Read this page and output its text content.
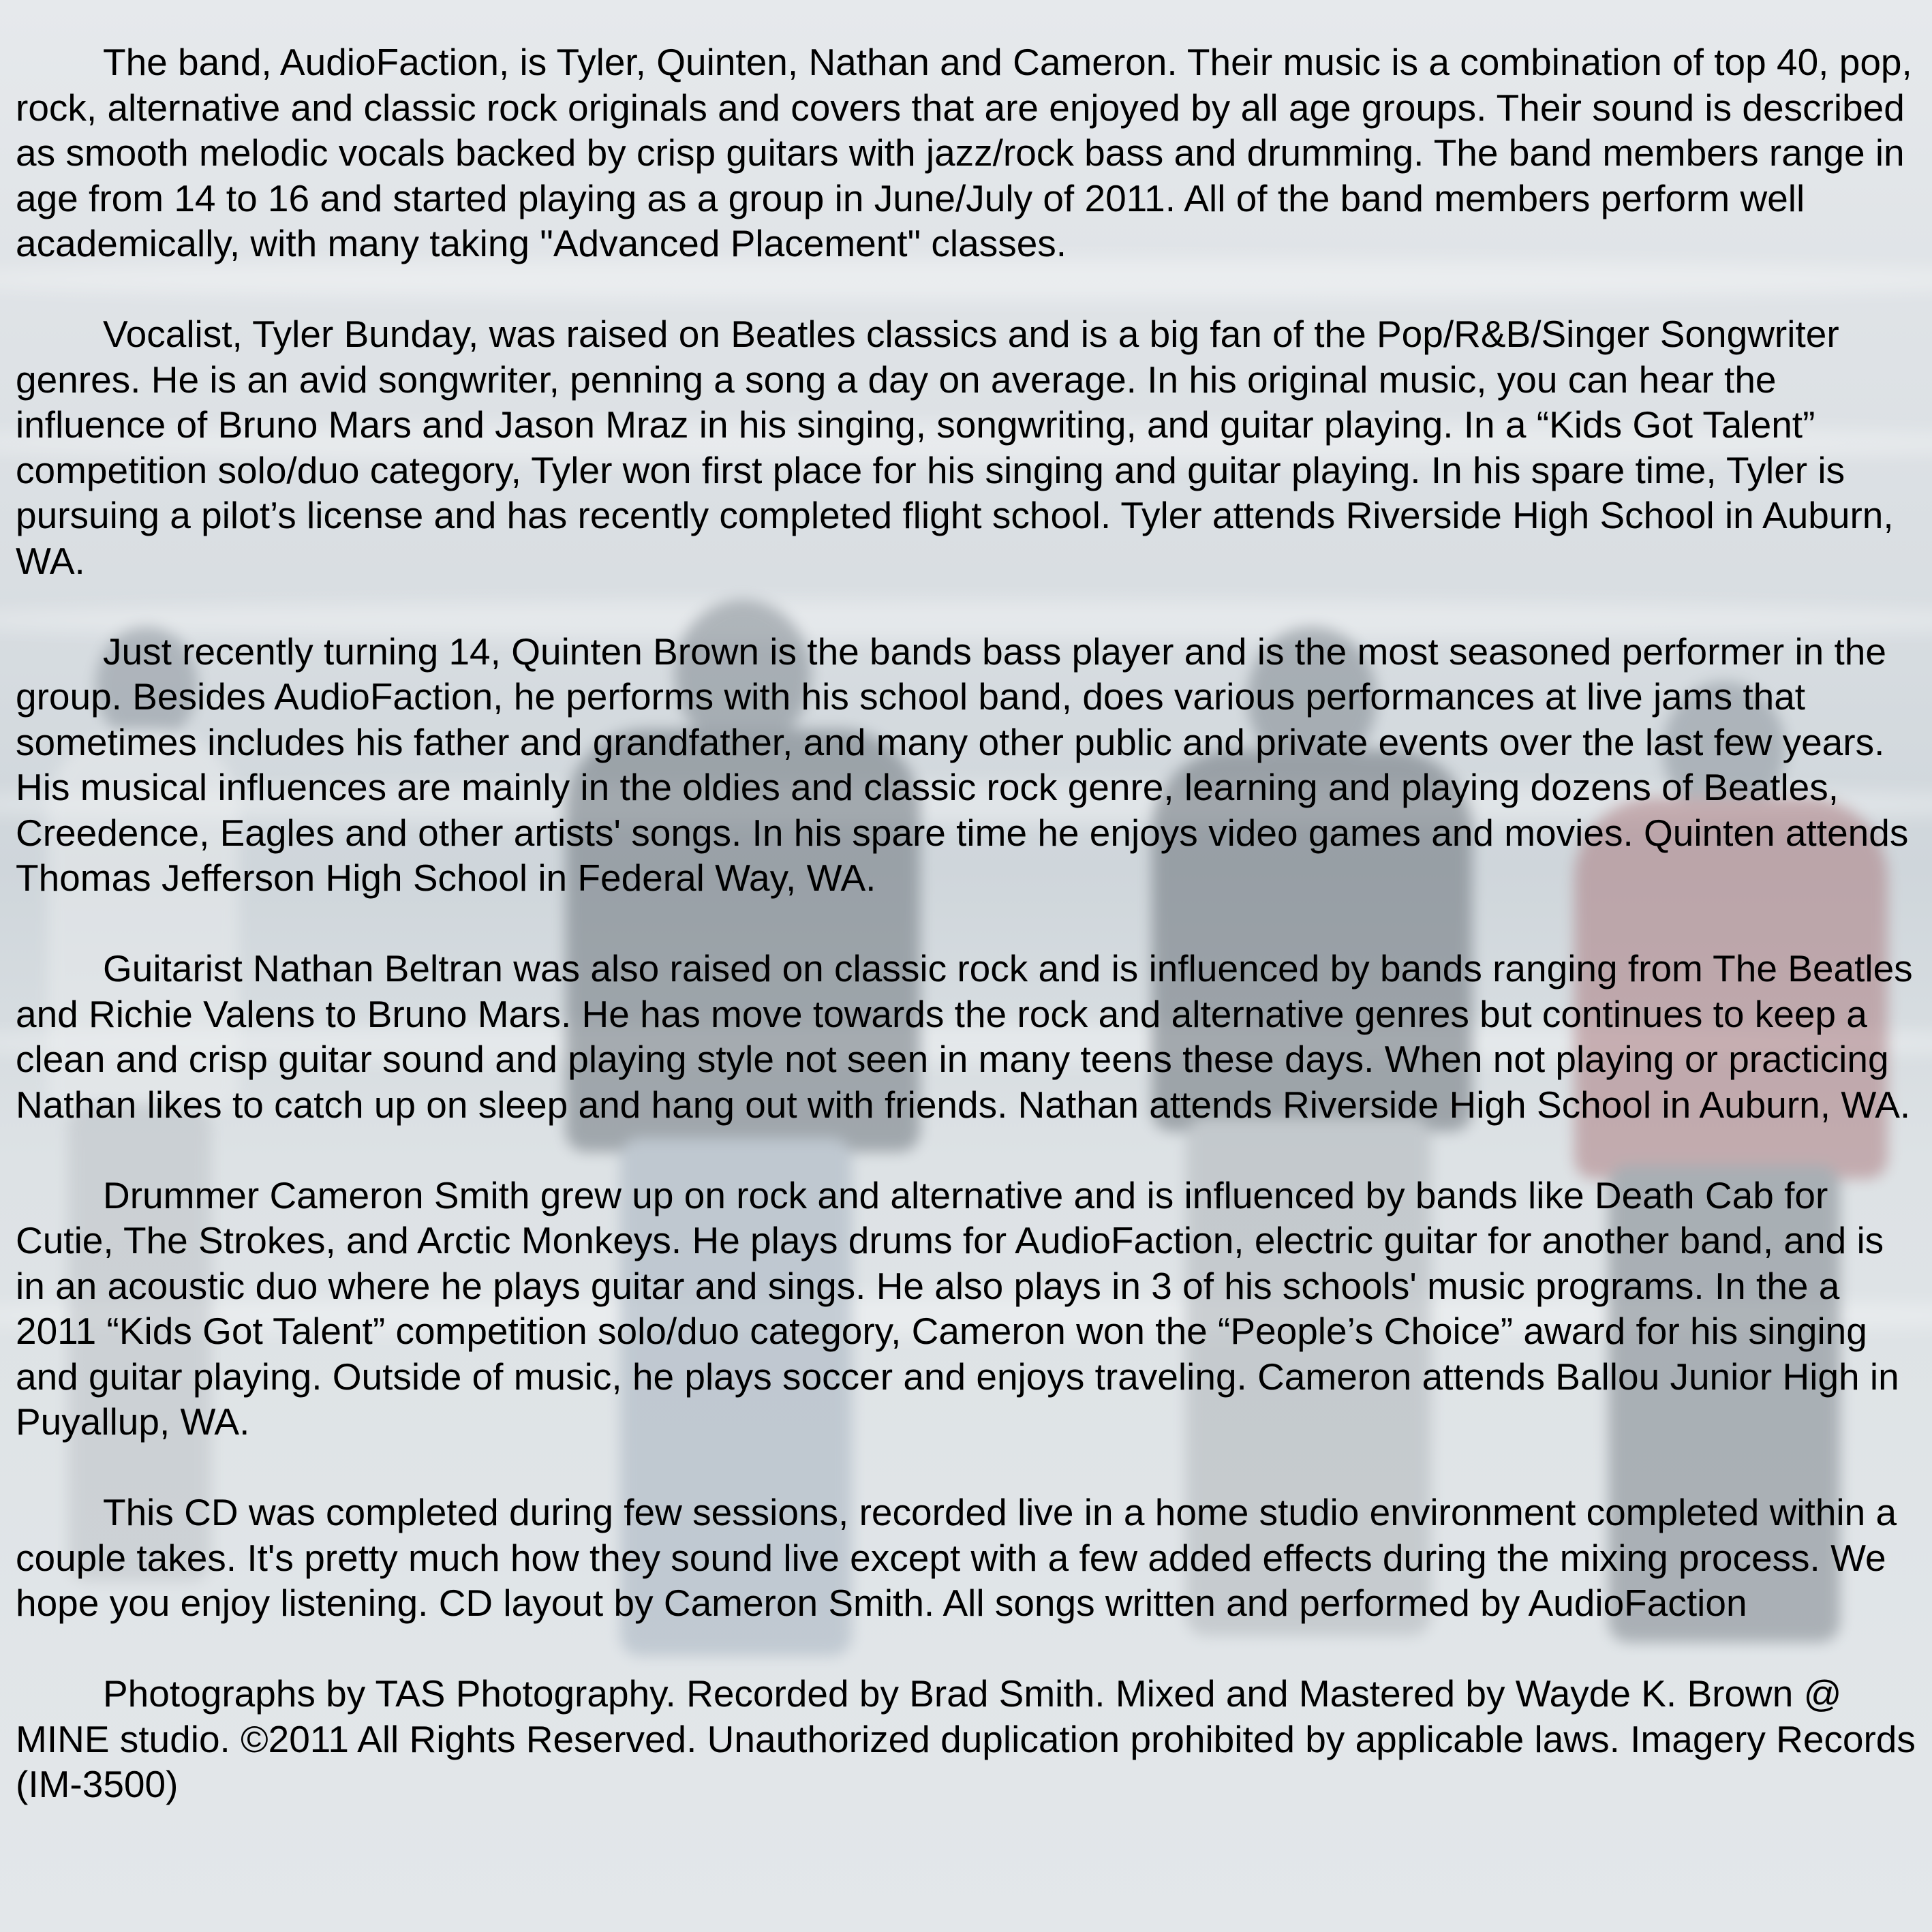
The band, AudioFaction, is Tyler, Quinten, Nathan and Cameron. Their music is a combination of top 40, pop, rock, alternative and classic rock originals and covers that are enjoyed by all age groups. Their sound is described as smooth melodic vocals backed by crisp guitars with jazz/rock bass and drumming. The band members range in age from 14 to 16 and started playing as a group in June/July of 2011. All of the band members perform well academically, with many taking "Advanced Placement" classes.

Vocalist, Tyler Bunday, was raised on Beatles classics and is a big fan of the Pop/R&B/Singer Songwriter genres. He is an avid songwriter, penning a song a day on average. In his original music, you can hear the influence of Bruno Mars and Jason Mraz in his singing, songwriting, and guitar playing. In a “Kids Got Talent” competition solo/duo category, Tyler won first place for his singing and guitar playing. In his spare time, Tyler is pursuing a pilot’s license and has recently completed flight school. Tyler attends Riverside High School in Auburn, WA.

Just recently turning 14, Quinten Brown is the bands bass player and is the most seasoned performer in the group. Besides AudioFaction, he performs with his school band, does various performances at live jams that sometimes includes his father and grandfather, and many other public and private events over the last few years. His musical influences are mainly in the oldies and classic rock genre, learning and playing dozens of Beatles, Creedence, Eagles and other artists' songs. In his spare time he enjoys video games and movies. Quinten attends Thomas Jefferson High School in Federal Way, WA.

Guitarist Nathan Beltran was also raised on classic rock and is influenced by bands ranging from The Beatles and Richie Valens to Bruno Mars. He has move towards the rock and alternative genres but continues to keep a clean and crisp guitar sound and playing style not seen in many teens these days. When not playing or practicing Nathan likes to catch up on sleep and hang out with friends. Nathan attends Riverside High School in Auburn, WA.

Drummer Cameron Smith grew up on rock and alternative and is influenced by bands like Death Cab for Cutie, The Strokes, and Arctic Monkeys. He plays drums for AudioFaction, electric guitar for another band, and is in an acoustic duo where he plays guitar and sings. He also plays in 3 of his schools' music programs. In the a 2011 “Kids Got Talent” competition solo/duo category, Cameron won the “People’s Choice” award for his singing and guitar playing. Outside of music, he plays soccer and enjoys traveling. Cameron attends Ballou Junior High in Puyallup, WA.

This CD was completed during few sessions, recorded live in a home studio environment completed within a couple takes. It's pretty much how they sound live except with a few added effects during the mixing process. We hope you enjoy listening. CD layout by Cameron Smith. All songs written and performed by AudioFaction

Photographs by TAS Photography. Recorded by Brad Smith. Mixed and Mastered by Wayde K. Brown @ MINE studio. ©2011 All Rights Reserved. Unauthorized duplication prohibited by applicable laws. Imagery Records (IM-3500)
